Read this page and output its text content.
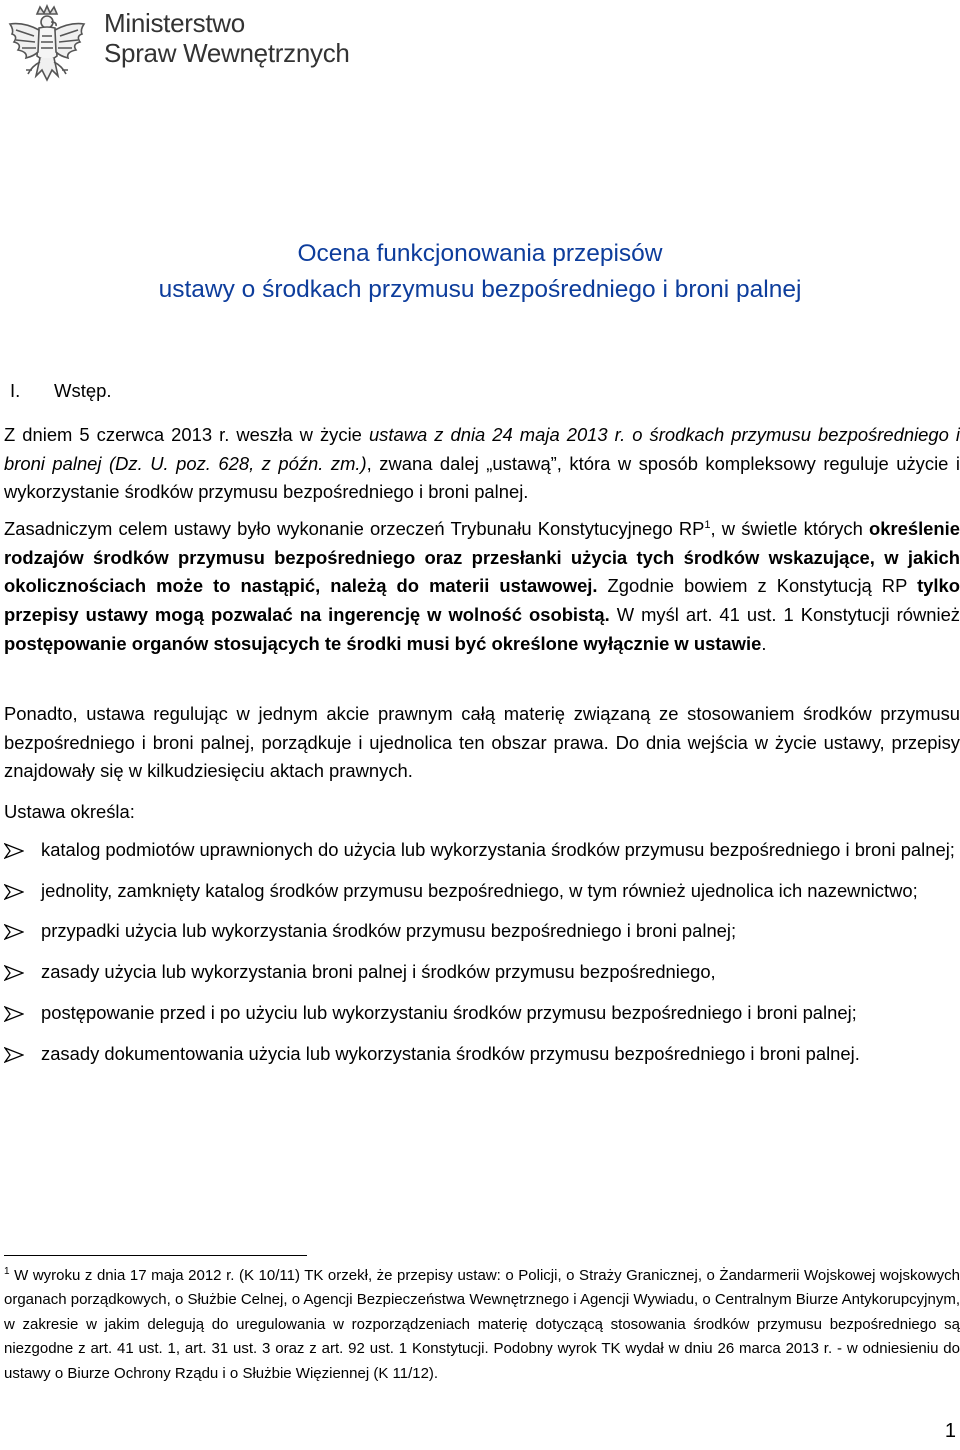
Ministerstwo
Spraw Wewnętrznych
Ocena funkcjonowania przepisów
ustawy o środkach przymusu bezpośredniego i broni palnej
I. Wstęp.
Z dniem 5 czerwca 2013 r. weszła w życie ustawa z dnia 24 maja 2013 r. o środkach przymusu bezpośredniego i broni palnej (Dz. U. poz. 628, z późn. zm.), zwana dalej „ustawą”, która w sposób kompleksowy reguluje użycie i wykorzystanie środków przymusu bezpośredniego i broni palnej.
Zasadniczym celem ustawy było wykonanie orzeczeń Trybunału Konstytucyjnego $RP^1$, w świetle których określenie rodzajów środków przymusu bezpośredniego oraz przesłanki użycia tych środków wskazujące, w jakich okolicznościach może to nastąpić, należą do materii ustawowej. Zgodnie bowiem z Konstytucją RP tylko przepisy ustawy mogą pozwalać na ingerencję w wolność osobistą. W myśl art. 41 ust. 1 Konstytucji również postępowanie organów stosujących te środki musi być określone wyłącznie w ustawie.
Ponadto, ustawa regulując w jednym akcie prawnym całą materię związaną ze stosowaniem środków przymusu bezpośredniego i broni palnej, porządkuje i ujednolica ten obszar prawa. Do dnia wejścia w życie ustawy, przepisy znajdowały się w kilkudziesięciu aktach prawnych.
Ustawa określa:
katalog podmiotów uprawnionych do użycia lub wykorzystania środków przymusu bezpośredniego i broni palnej;
jednolity, zamknięty katalog środków przymusu bezpośredniego, w tym również ujednolica ich nazewnictwo;
przypadki użycia lub wykorzystania środków przymusu bezpośredniego i broni palnej;
zasady użycia lub wykorzystania broni palnej i środków przymusu bezpośredniego,
postępowanie przed i po użyciu lub wykorzystaniu środków przymusu bezpośredniego i broni palnej;
zasady dokumentowania użycia lub wykorzystania środków przymusu bezpośredniego i broni palnej.
$^1$ W wyroku z dnia 17 maja 2012 r. (K 10/11) TK orzekł, że przepisy ustaw: o Policji, o Straży Granicznej, o Żandarmerii Wojskowej wojskowych organach porządkowych, o Służbie Celnej, o Agencji Bezpieczeństwa Wewnętrznego i Agencji Wywiadu, o Centralnym Biurze Antykorupcyjnym, w zakresie w jakim delegują do uregulowania w rozporządzeniach materię dotyczącą stosowania środków przymusu bezpośredniego są niezgodne z art. 41 ust. 1, art. 31 ust. 3 oraz z art. 92 ust. 1 Konstytucji. Podobny wyrok TK wydał w dniu 26 marca 2013 r. - w odniesieniu do ustawy o Biurze Ochrony Rządu i o Służbie Więziennej (K 11/12).
1
